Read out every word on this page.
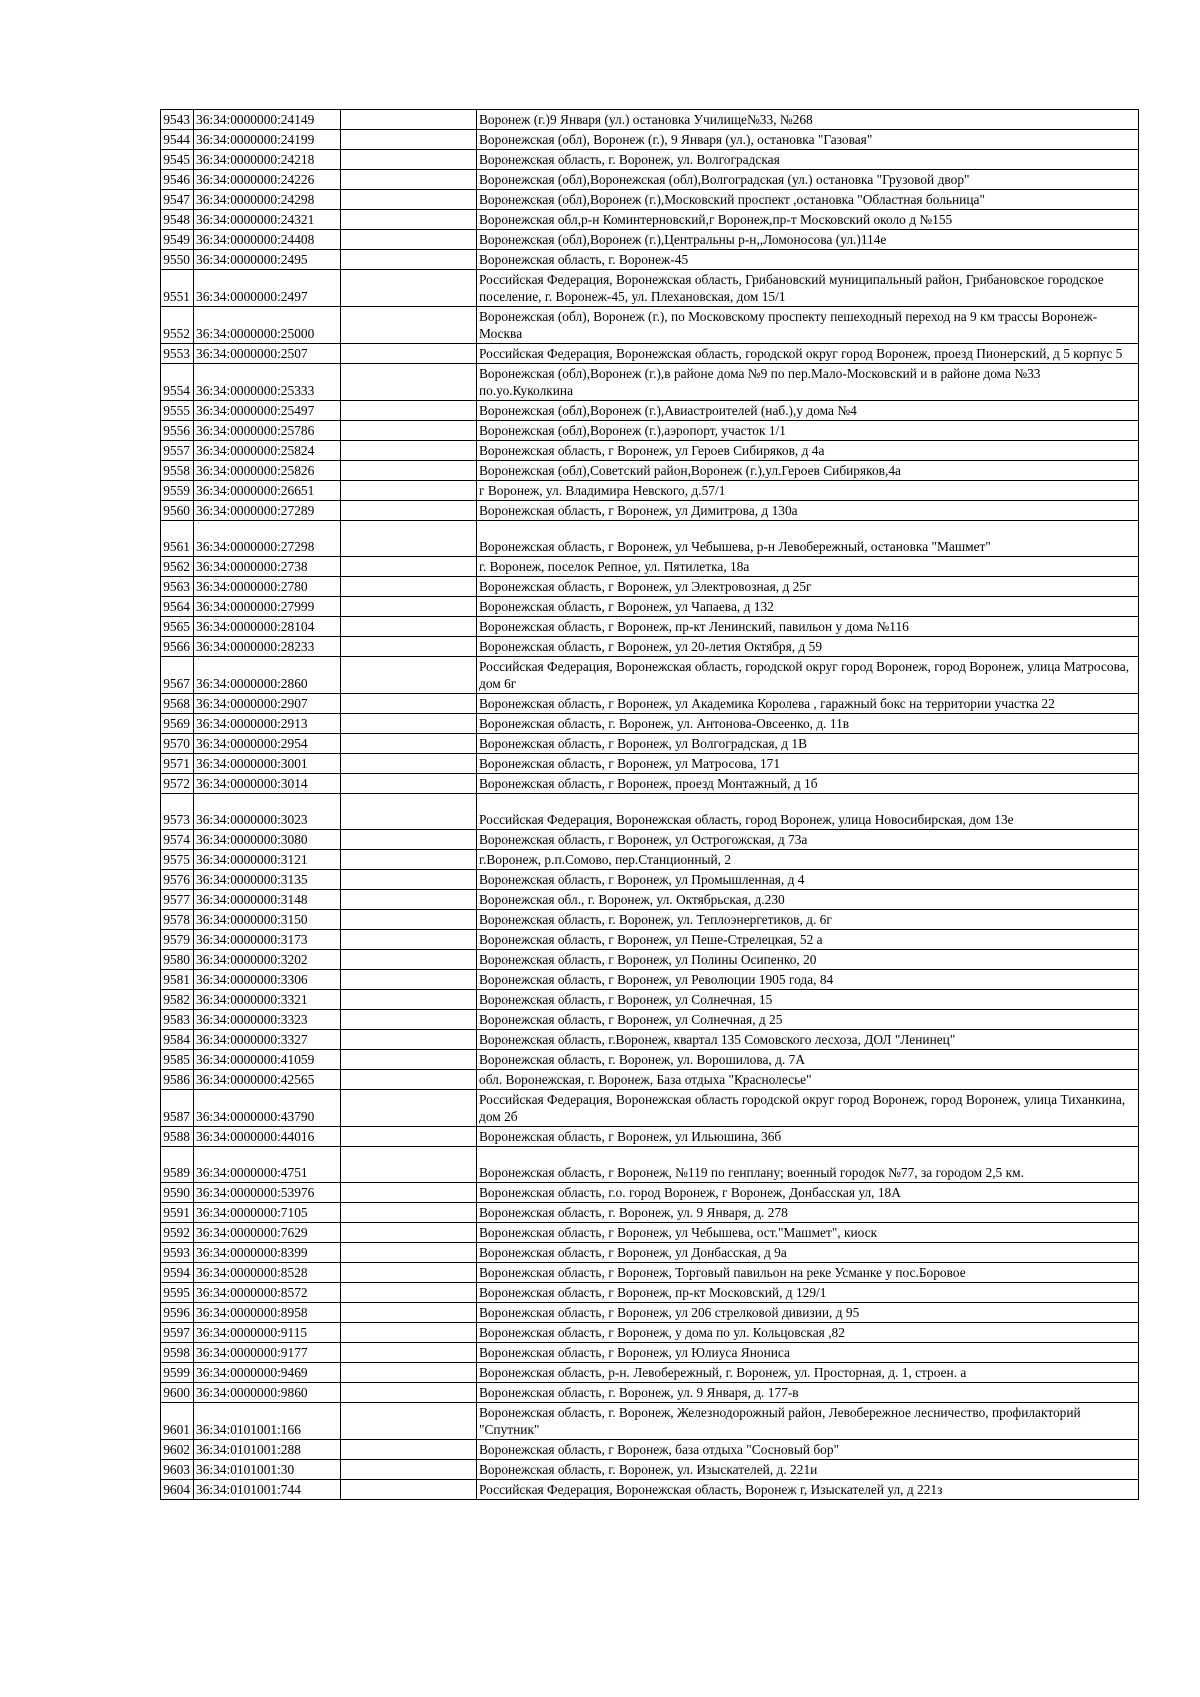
9543	36:34:0000000:24149		Воронеж (г.)9 Января (ул.) остановка Училище№33, №268
9544	36:34:0000000:24199		Воронежская (обл), Воронеж (г.), 9 Января (ул.), остановка "Газовая"
9545	36:34:0000000:24218		Воронежская область, г. Воронеж, ул. Волгоградская
9546	36:34:0000000:24226		Воронежская (обл),Воронежская (обл),Волгоградская (ул.) остановка "Грузовой двор"
9547	36:34:0000000:24298		Воронежская (обл),Воронеж (г.),Московский проспект ,остановка "Областная больница"
9548	36:34:0000000:24321		Воронежская обл,р-н Коминтерновский,г Воронеж,пр-т Московский около д №155
9549	36:34:0000000:24408		Воронежская (обл),Воронеж (г.),Центральны р-н,,Ломоносова (ул.)114е
9550	36:34:0000000:2495		Воронежская область, г. Воронеж-45
9551	36:34:0000000:2497		Российская Федерация, Воронежская область, Грибановский муниципальный район, Грибановское городское поселение, г. Воронеж-45, ул. Плехановская, дом 15/1
9552	36:34:0000000:25000		Воронежская (обл), Воронеж (г.), по Московскому проспекту пешеходный переход на 9 км трассы Воронеж-Москва
9553	36:34:0000000:2507		Российская Федерация, Воронежская область, городской округ город Воронеж, проезд Пионерский, д 5 корпус 5
9554	36:34:0000000:25333		Воронежская (обл),Воронеж (г.),в районе дома №9 по пер.Мало-Московский и в районе дома №33 по.уо.Куколкина
9555	36:34:0000000:25497		Воронежская (обл),Воронеж (г.),Авиастроителей (наб.),у дома №4
9556	36:34:0000000:25786		Воронежская (обл),Воронеж (г.),аэропорт, участок 1/1
9557	36:34:0000000:25824		Воронежская область, г Воронеж, ул Героев Сибиряков, д 4а
9558	36:34:0000000:25826		Воронежская (обл),Советский район,Воронеж (г.),ул.Героев Сибиряков,4а
9559	36:34:0000000:26651		г Воронеж, ул. Владимира Невского, д.57/1
9560	36:34:0000000:27289		Воронежская область, г Воронеж, ул Димитрова, д 130а
9561	36:34:0000000:27298		Воронежская область, г Воронеж, ул Чебышева, р-н Левобережный, остановка "Машмет"
9562	36:34:0000000:2738		г. Воронеж, поселок Репное, ул. Пятилетка, 18а
9563	36:34:0000000:2780		Воронежская область, г Воронеж, ул Электровозная, д 25г
9564	36:34:0000000:27999		Воронежская область, г Воронеж, ул Чапаева, д 132
9565	36:34:0000000:28104		Воронежская область, г Воронеж, пр-кт Ленинский, павильон у дома №116
9566	36:34:0000000:28233		Воронежская область, г Воронеж, ул 20-летия Октября, д 59
9567	36:34:0000000:2860		Российская Федерация, Воронежская область, городской округ город Воронеж, город Воронеж, улица Матросова, дом 6г
9568	36:34:0000000:2907		Воронежская область, г Воронеж, ул Академика Королева , гаражный бокс на территории участка 22
9569	36:34:0000000:2913		Воронежская область, г. Воронеж, ул. Антонова-Овсеенко, д. 11в
9570	36:34:0000000:2954		Воронежская область, г Воронеж, ул Волгоградская, д 1В
9571	36:34:0000000:3001		Воронежская область, г Воронеж, ул Матросова, 171
9572	36:34:0000000:3014		Воронежская область, г Воронеж, проезд Монтажный, д 1б
9573	36:34:0000000:3023		Российская Федерация, Воронежская область, город Воронеж, улица Новосибирская, дом 13е
9574	36:34:0000000:3080		Воронежская область, г Воронеж, ул Острогожская, д 73а
9575	36:34:0000000:3121		г.Воронеж, р.п.Сомово, пер.Станционный, 2
9576	36:34:0000000:3135		Воронежская область, г Воронеж, ул Промышленная, д 4
9577	36:34:0000000:3148		Воронежская обл., г. Воронеж, ул. Октябрьская, д.230
9578	36:34:0000000:3150		Воронежская область, г. Воронеж, ул. Теплоэнергетиков, д. 6г
9579	36:34:0000000:3173		Воронежская область, г Воронеж, ул Пеше-Стрелецкая, 52 а
9580	36:34:0000000:3202		Воронежская область, г Воронеж, ул Полины Осипенко, 20
9581	36:34:0000000:3306		Воронежская область, г Воронеж, ул Революции 1905 года, 84
9582	36:34:0000000:3321		Воронежская область, г Воронеж, ул Солнечная, 15
9583	36:34:0000000:3323		Воронежская область, г Воронеж, ул Солнечная, д 25
9584	36:34:0000000:3327		Воронежская область, г.Воронеж, квартал 135 Сомовского лесхоза, ДОЛ "Ленинец"
9585	36:34:0000000:41059		Воронежская область, г. Воронеж, ул. Ворошилова, д. 7А
9586	36:34:0000000:42565		обл. Воронежская, г. Воронеж, База отдыха "Краснолесье"
9587	36:34:0000000:43790		Российская Федерация, Воронежская область городской округ город Воронеж, город Воронеж, улица Тиханкина, дом 2б
9588	36:34:0000000:44016		Воронежская область, г Воронеж, ул Ильюшина, 36б
9589	36:34:0000000:4751		Воронежская область, г Воронеж, №119 по генплану; военный городок №77, за городом 2,5 км.
9590	36:34:0000000:53976		Воронежская область, г.о. город Воронеж, г Воронеж, Донбасская ул, 18А
9591	36:34:0000000:7105		Воронежская область, г. Воронеж, ул. 9 Января, д. 278
9592	36:34:0000000:7629		Воронежская область, г Воронеж, ул Чебышева, ост."Машмет", киоск
9593	36:34:0000000:8399		Воронежская область, г Воронеж, ул Донбасская, д 9а
9594	36:34:0000000:8528		Воронежская область, г Воронеж, Торговый павильон на реке Усманке у пос.Боровое
9595	36:34:0000000:8572		Воронежская область, г Воронеж, пр-кт Московский, д 129/1
9596	36:34:0000000:8958		Воронежская область, г Воронеж, ул 206 стрелковой дивизии, д 95
9597	36:34:0000000:9115		Воронежская область, г Воронеж, у дома по ул. Кольцовская ,82
9598	36:34:0000000:9177		Воронежская область, г Воронеж, ул Юлиуса Янониса
9599	36:34:0000000:9469		Воронежская область, р-н. Левобережный, г. Воронеж, ул. Просторная, д. 1, строен. а
9600	36:34:0000000:9860		Воронежская область, г. Воронеж, ул. 9 Января, д. 177-в
9601	36:34:0101001:166		Воронежская область, г. Воронеж, Железнодорожный район, Левобережное лесничество, профилакторий "Спутник"
9602	36:34:0101001:288		Воронежская область, г Воронеж, база отдыха "Сосновый бор"
9603	36:34:0101001:30		Воронежская область, г. Воронеж, ул. Изыскателей, д. 221и
9604	36:34:0101001:744		Российская Федерация, Воронежская область, Воронеж г, Изыскателей ул, д 221з
